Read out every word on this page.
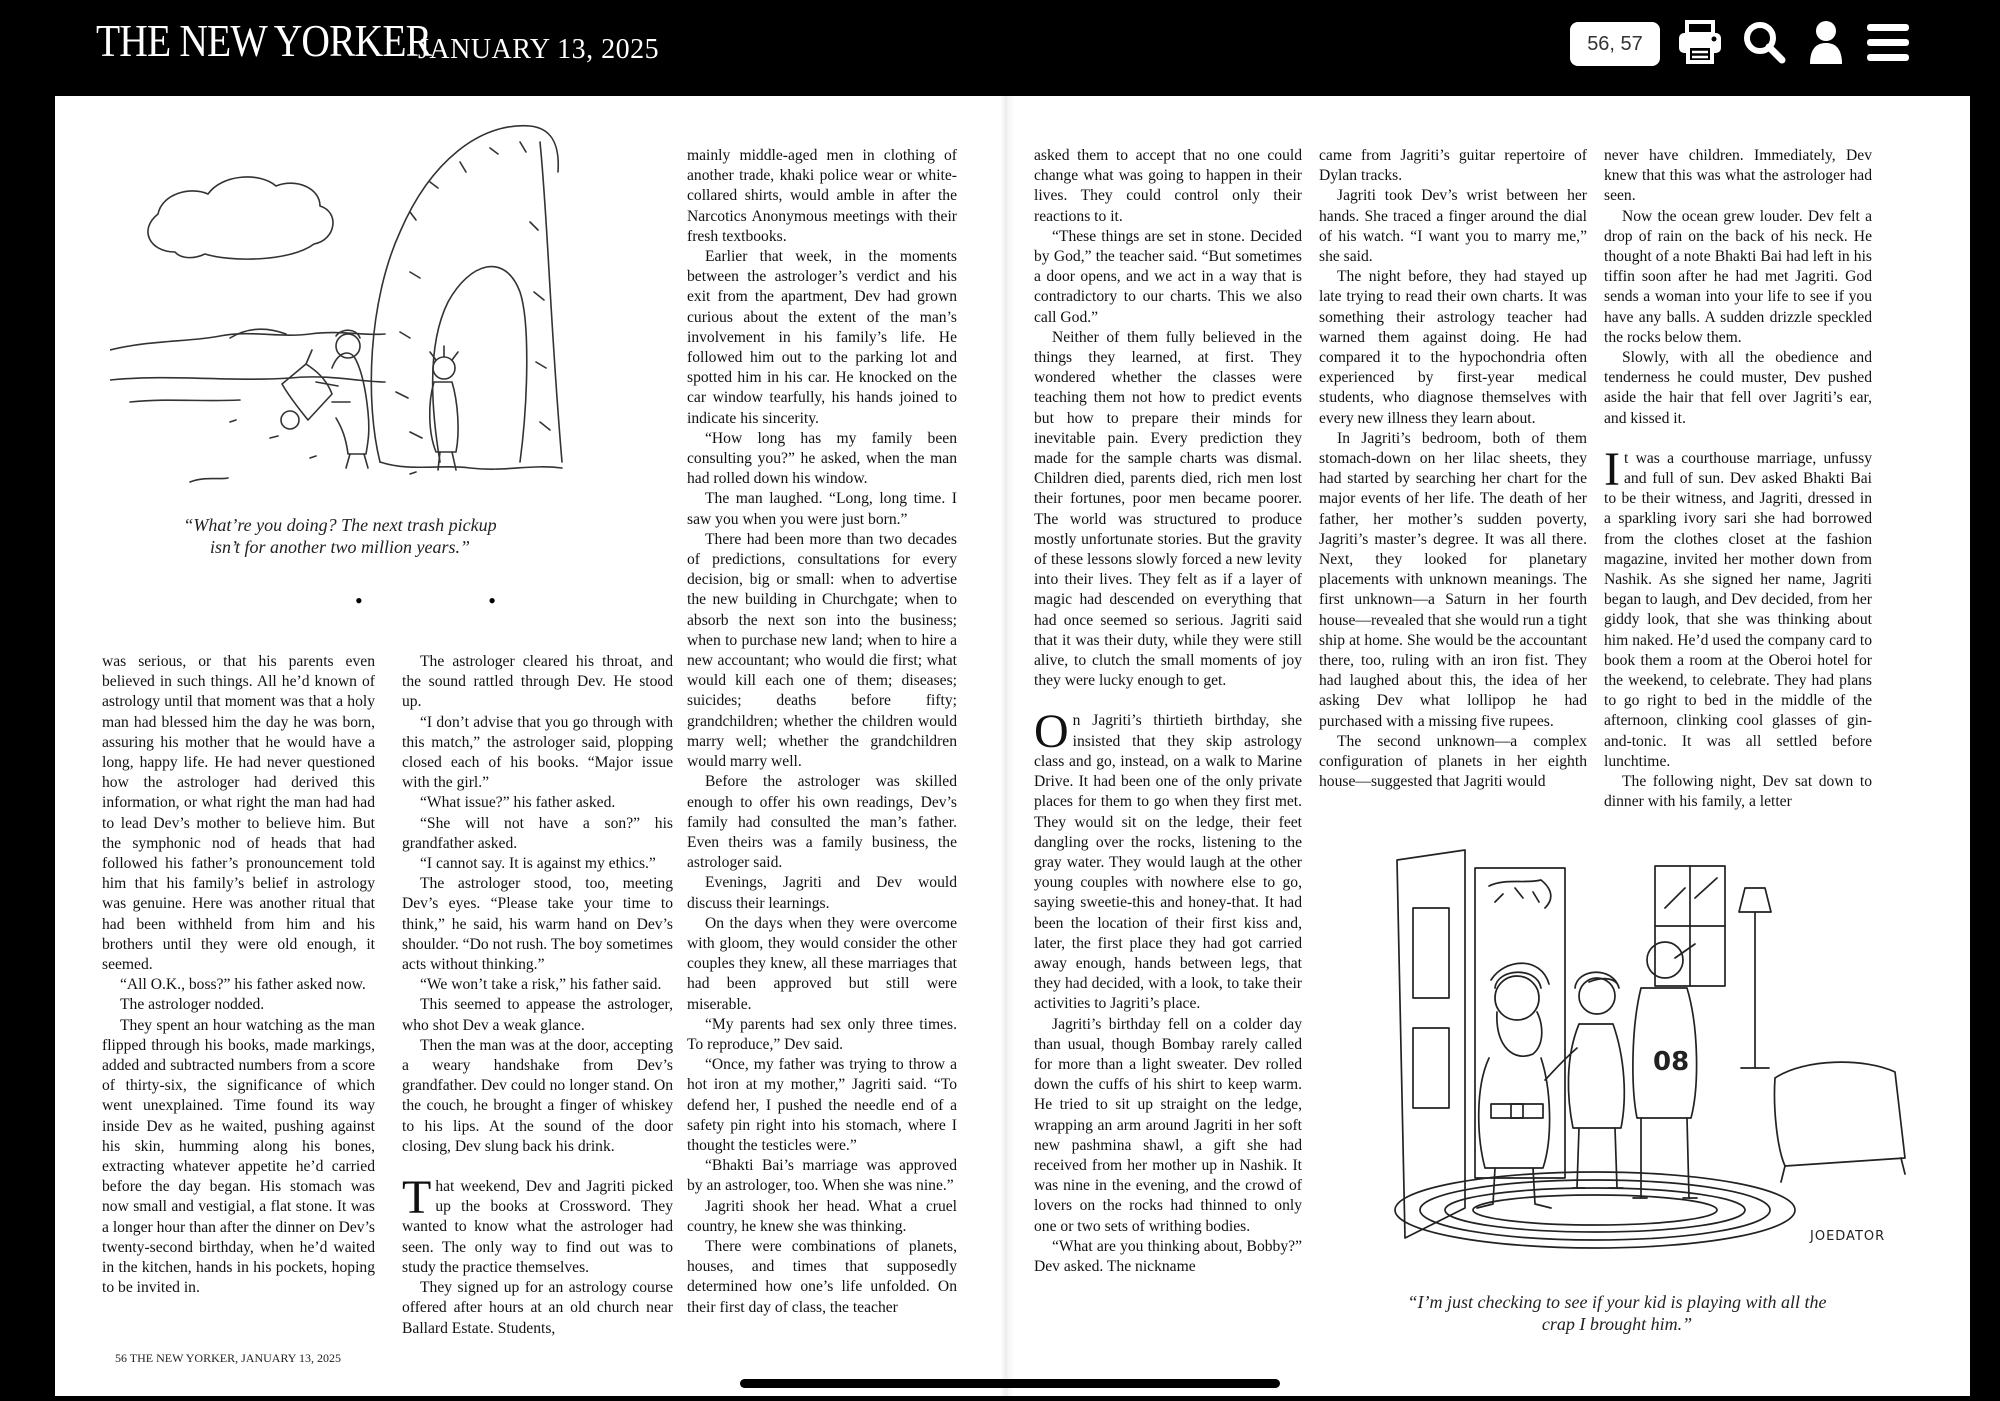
THE NEW YORKER
JANUARY 13, 2025	56, 57
“What’re you doing? The next trash pickup isn’t for another two million years.”
• •

was serious, or that his parents even believed in such things. All he’d known of astrology until that moment was that a holy man had blessed him the day he was born, assuring his mother that he would have a long, happy life. He had never questioned how the astrologer had derived this information, or what right the man had had to lead Dev’s mother to believe him. But the symphonic nod of heads that had followed his father’s pronouncement told him that his family’s belief in astrology was genuine. Here was another ritual that had been withheld from him and his brothers until they were old enough, it seemed.

“All O.K., boss?” his father asked now.

The astrologer nodded.

They spent an hour watching as the man flipped through his books, made markings, added and subtracted numbers from a score of thirty-six, the significance of which went unexplained. Time found its way inside Dev as he waited, pushing against his skin, humming along his bones, extracting whatever appetite he’d carried before the day began. His stomach was now small and vestigial, a flat stone. It was a longer hour than after the dinner on Dev’s twenty-second birthday, when he’d waited in the kitchen, hands in his pockets, hoping to be invited in.

The astrologer cleared his throat, and the sound rattled through Dev. He stood up.

“I don’t advise that you go through with this match,” the astrologer said, plopping closed each of his books. “Major issue with the girl.”

“What issue?” his father asked.

“She will not have a son?” his grandfather asked.

“I cannot say. It is against my ethics.”

The astrologer stood, too, meeting Dev’s eyes. “Please take your time to think,” he said, his warm hand on Dev’s shoulder. “Do not rush. The boy sometimes acts without thinking.”

“We won’t take a risk,” his father said.

This seemed to appease the astrologer, who shot Dev a weak glance.

Then the man was at the door, accepting a weary handshake from Dev’s grandfather. Dev could no longer stand. On the couch, he brought a finger of whiskey to his lips. At the sound of the door closing, Dev slung back his drink.

That weekend, Dev and Jagriti picked up the books at Crossword. They wanted to know what the astrologer had seen. The only way to find out was to study the practice themselves.

They signed up for an astrology course offered after hours at an old church near Ballard Estate. Students,

mainly middle-aged men in clothing of another trade, khaki police wear or white-collared shirts, would amble in after the Narcotics Anonymous meetings with their fresh textbooks.

Earlier that week, in the moments between the astrologer’s verdict and his exit from the apartment, Dev had grown curious about the extent of the man’s involvement in his family’s life. He followed him out to the parking lot and spotted him in his car. He knocked on the car window tearfully, his hands joined to indicate his sincerity.

“How long has my family been consulting you?” he asked, when the man had rolled down his window.

The man laughed. “Long, long time. I saw you when you were just born.”

There had been more than two decades of predictions, consultations for every decision, big or small: when to advertise the new building in Churchgate; when to absorb the next son into the business; when to purchase new land; when to hire a new accountant; who would die first; what would kill each one of them; diseases; suicides; deaths before fifty; grandchildren; whether the children would marry well; whether the grandchildren would marry well.

Before the astrologer was skilled enough to offer his own readings, Dev’s family had consulted the man’s father. Even theirs was a family business, the astrologer said.

Evenings, Jagriti and Dev would discuss their learnings.

On the days when they were overcome with gloom, they would consider the other couples they knew, all these marriages that had been approved but still were miserable.

“My parents had sex only three times. To reproduce,” Dev said.

“Once, my father was trying to throw a hot iron at my mother,” Jagriti said. “To defend her, I pushed the needle end of a safety pin right into his stomach, where I thought the testicles were.”

“Bhakti Bai’s marriage was approved by an astrologer, too. When she was nine.”

Jagriti shook her head. What a cruel country, he knew she was thinking.

There were combinations of planets, houses, and times that supposedly determined how one’s life unfolded. On their first day of class, the teacher

56 THE NEW YORKER, JANUARY 13, 2025

asked them to accept that no one could change what was going to happen in their lives. They could control only their reactions to it.

“These things are set in stone. Decided by God,” the teacher said. “But sometimes a door opens, and we act in a way that is contradictory to our charts. This we also call God.”

Neither of them fully believed in the things they learned, at first. They wondered whether the classes were teaching them not how to predict events but how to prepare their minds for inevitable pain. Every prediction they made for the sample charts was dismal. Children died, parents died, rich men lost their fortunes, poor men became poorer. The world was structured to produce mostly unfortunate stories. But the gravity of these lessons slowly forced a new levity into their lives. They felt as if a layer of magic had descended on everything that had once seemed so serious. Jagriti said that it was their duty, while they were still alive, to clutch the small moments of joy they were lucky enough to get.

On Jagriti’s thirtieth birthday, she insisted that they skip astrology class and go, instead, on a walk to Marine Drive. It had been one of the only private places for them to go when they first met. They would sit on the ledge, their feet dangling over the rocks, listening to the gray water. They would laugh at the other young couples with nowhere else to go, saying sweetie-this and honey-that. It had been the location of their first kiss and, later, the first place they had got carried away enough, hands between legs, that they had decided, with a look, to take their activities to Jagriti’s place.

Jagriti’s birthday fell on a colder day than usual, though Bombay rarely called for more than a light sweater. Dev rolled down the cuffs of his shirt to keep warm. He tried to sit up straight on the ledge, wrapping an arm around Jagriti in her soft new pashmina shawl, a gift she had received from her mother up in Nashik. It was nine in the evening, and the crowd of lovers on the rocks had thinned to only one or two sets of writhing bodies.

“What are you thinking about, Bobby?” Dev asked. The nickname

came from Jagriti’s guitar repertoire of Dylan tracks.

Jagriti took Dev’s wrist between her hands. She traced a finger around the dial of his watch. “I want you to marry me,” she said.

The night before, they had stayed up late trying to read their own charts. It was something their astrology teacher had warned them against doing. He had compared it to the hypochondria often experienced by first-year medical students, who diagnose themselves with every new illness they learn about.

In Jagriti’s bedroom, both of them stomach-down on her lilac sheets, they had started by searching her chart for the major events of her life. The death of her father, her mother’s sudden poverty, Jagriti’s master’s degree. It was all there. Next, they looked for planetary placements with unknown meanings. The first unknown—a Saturn in her fourth house—revealed that she would run a tight ship at home. She would be the accountant there, too, ruling with an iron fist. They had laughed about this, the idea of her asking Dev what lollipop he had purchased with a missing five rupees.

The second unknown—a complex configuration of planets in her eighth house—suggested that Jagriti would

never have children. Immediately, Dev knew that this was what the astrologer had seen.

Now the ocean grew louder. Dev felt a drop of rain on the back of his neck. He thought of a note Bhakti Bai had left in his tiffin soon after he had met Jagriti. God sends a woman into your life to see if you have any balls. A sudden drizzle speckled the rocks below them.

Slowly, with all the obedience and tenderness he could muster, Dev pushed aside the hair that fell over Jagriti’s ear, and kissed it.

It was a courthouse marriage, unfussy and full of sun. Dev asked Bhakti Bai to be their witness, and Jagriti, dressed in a sparkling ivory sari she had borrowed from the clothes closet at the fashion magazine, invited her mother down from Nashik. As she signed her name, Jagriti began to laugh, and Dev decided, from her giddy look, that she was thinking about him naked. He’d used the company card to book them a room at the Oberoi hotel for the weekend, to celebrate. They had plans to go right to bed in the middle of the afternoon, clinking cool glasses of gin-and-tonic. It was all settled before lunchtime.

The following night, Dev sat down to dinner with his family, a letter

08
JOEDATOR
“I’m just checking to see if your kid is playing with all the crap I brought him.”
